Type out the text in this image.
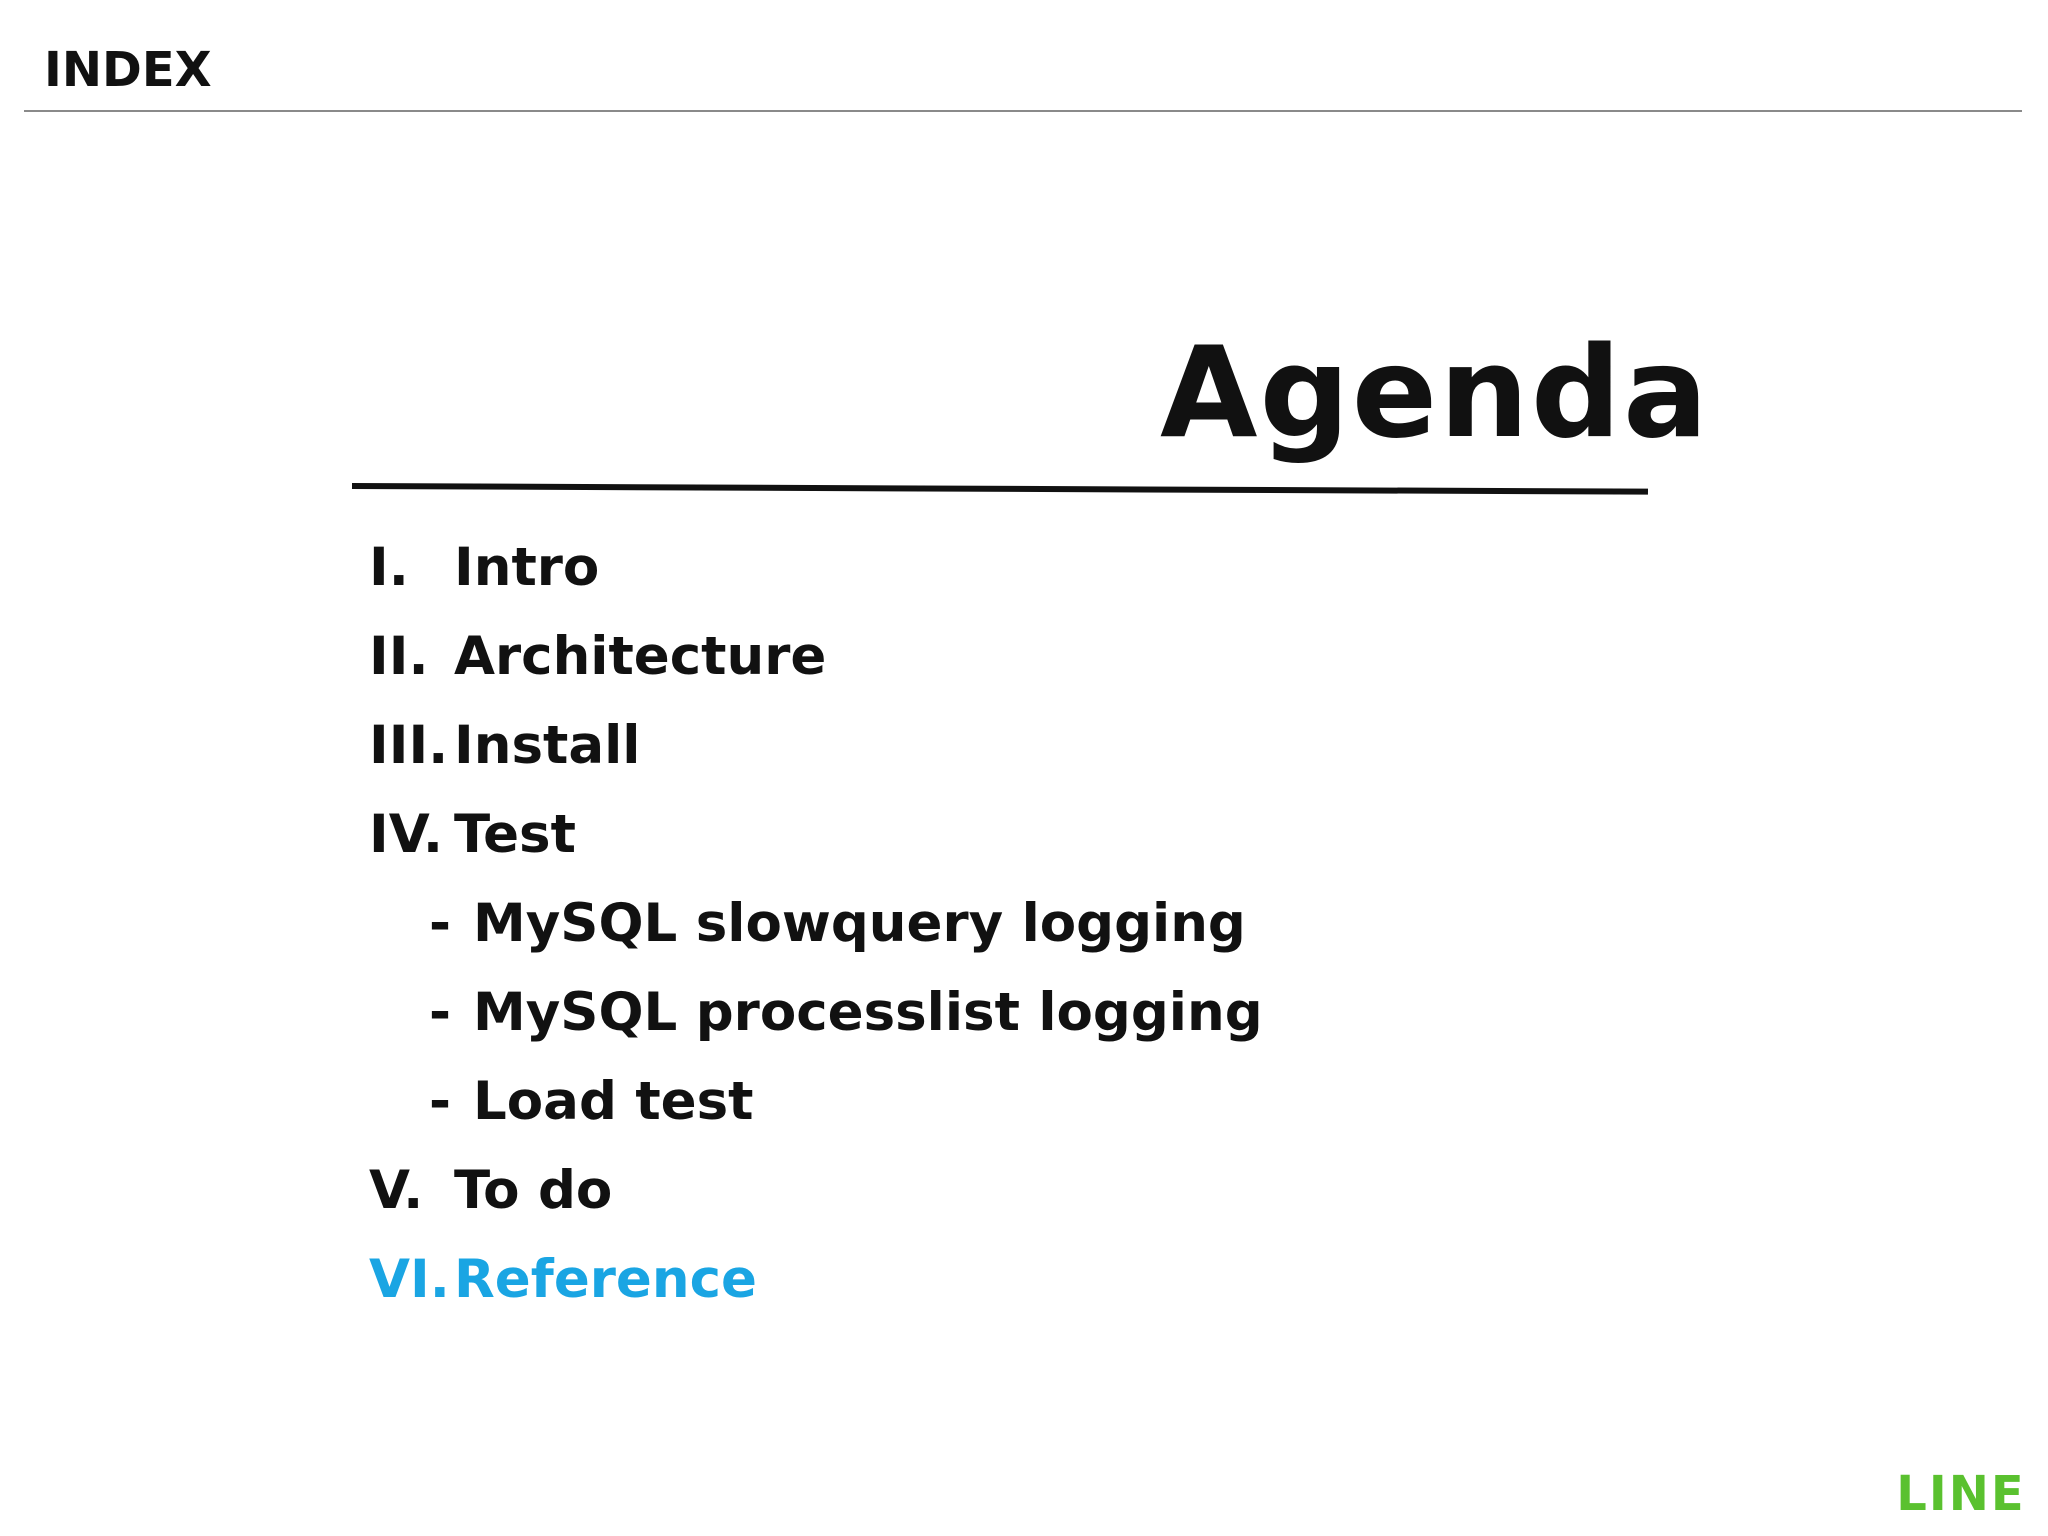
INDEX
Agenda
I. Intro
II. Architecture
III. Install
IV. Test
- MySQL slowquery logging
- MySQL processlist logging
- Load test
V. To do
VI. Reference
LINE
